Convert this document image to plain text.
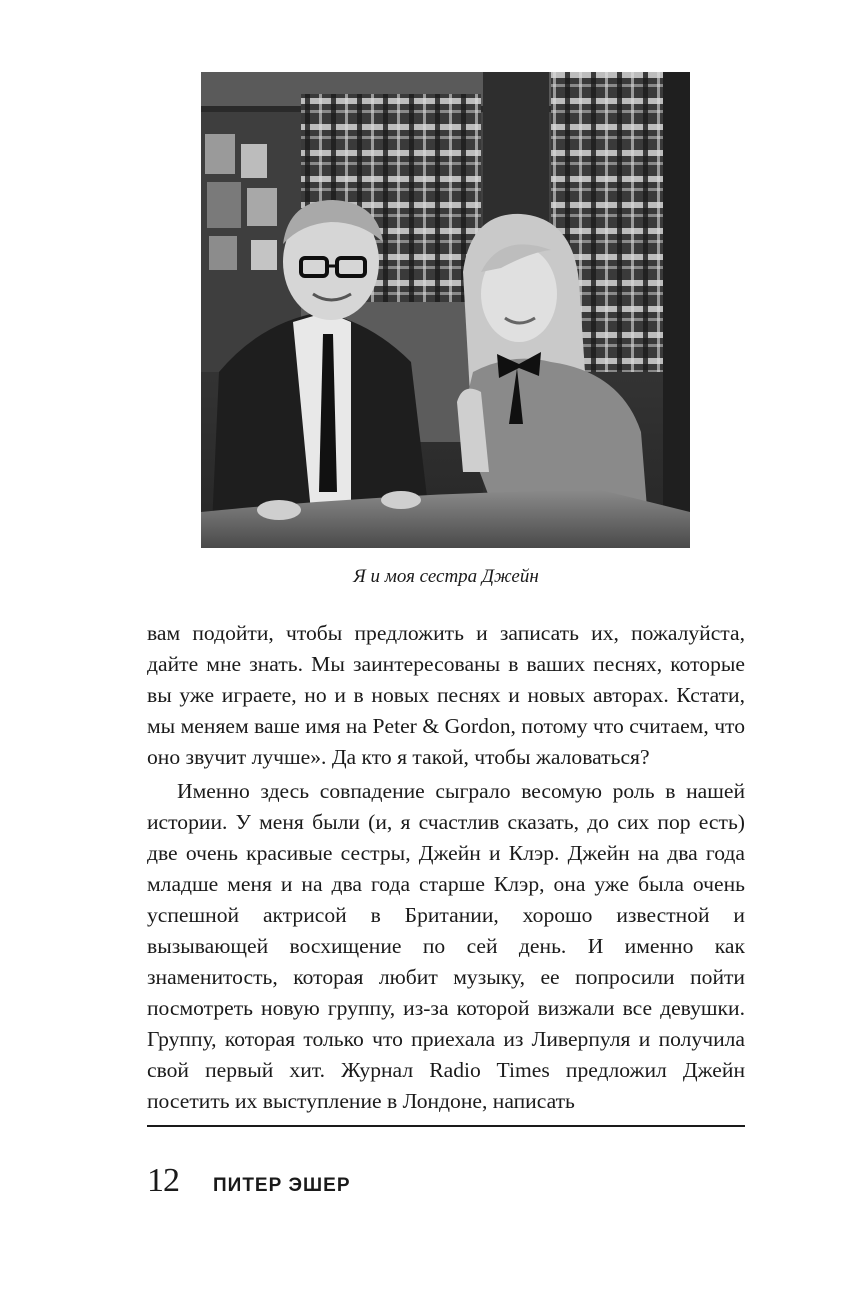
Я и моя сестра Джейн

вам подойти, чтобы предложить и записать их, пожалуйста, дайте мне знать. Мы заинтересованы в ваших песнях, которые вы уже играете, но и в новых песнях и новых авторах. Кстати, мы меняем ваше имя на Peter & Gordon, потому что считаем, что оно звучит лучше». Да кто я такой, чтобы жаловаться?

Именно здесь совпадение сыграло весомую роль в нашей истории. У меня были (и, я счастлив сказать, до сих пор есть) две очень красивые сестры, Джейн и Клэр. Джейн на два года младше меня и на два года старше Клэр, она уже была очень успешной актрисой в Британии, хорошо известной и вызывающей восхищение по сей день. И именно как знаменитость, которая любит музыку, ее попросили пойти посмотреть новую группу, из-за которой визжали все девушки. Группу, которая только что приехала из Ливерпуля и получила свой первый хит. Журнал Radio Times предложил Джейн посетить их выступление в Лондоне, написать

12 ПИТЕР ЭШЕР
